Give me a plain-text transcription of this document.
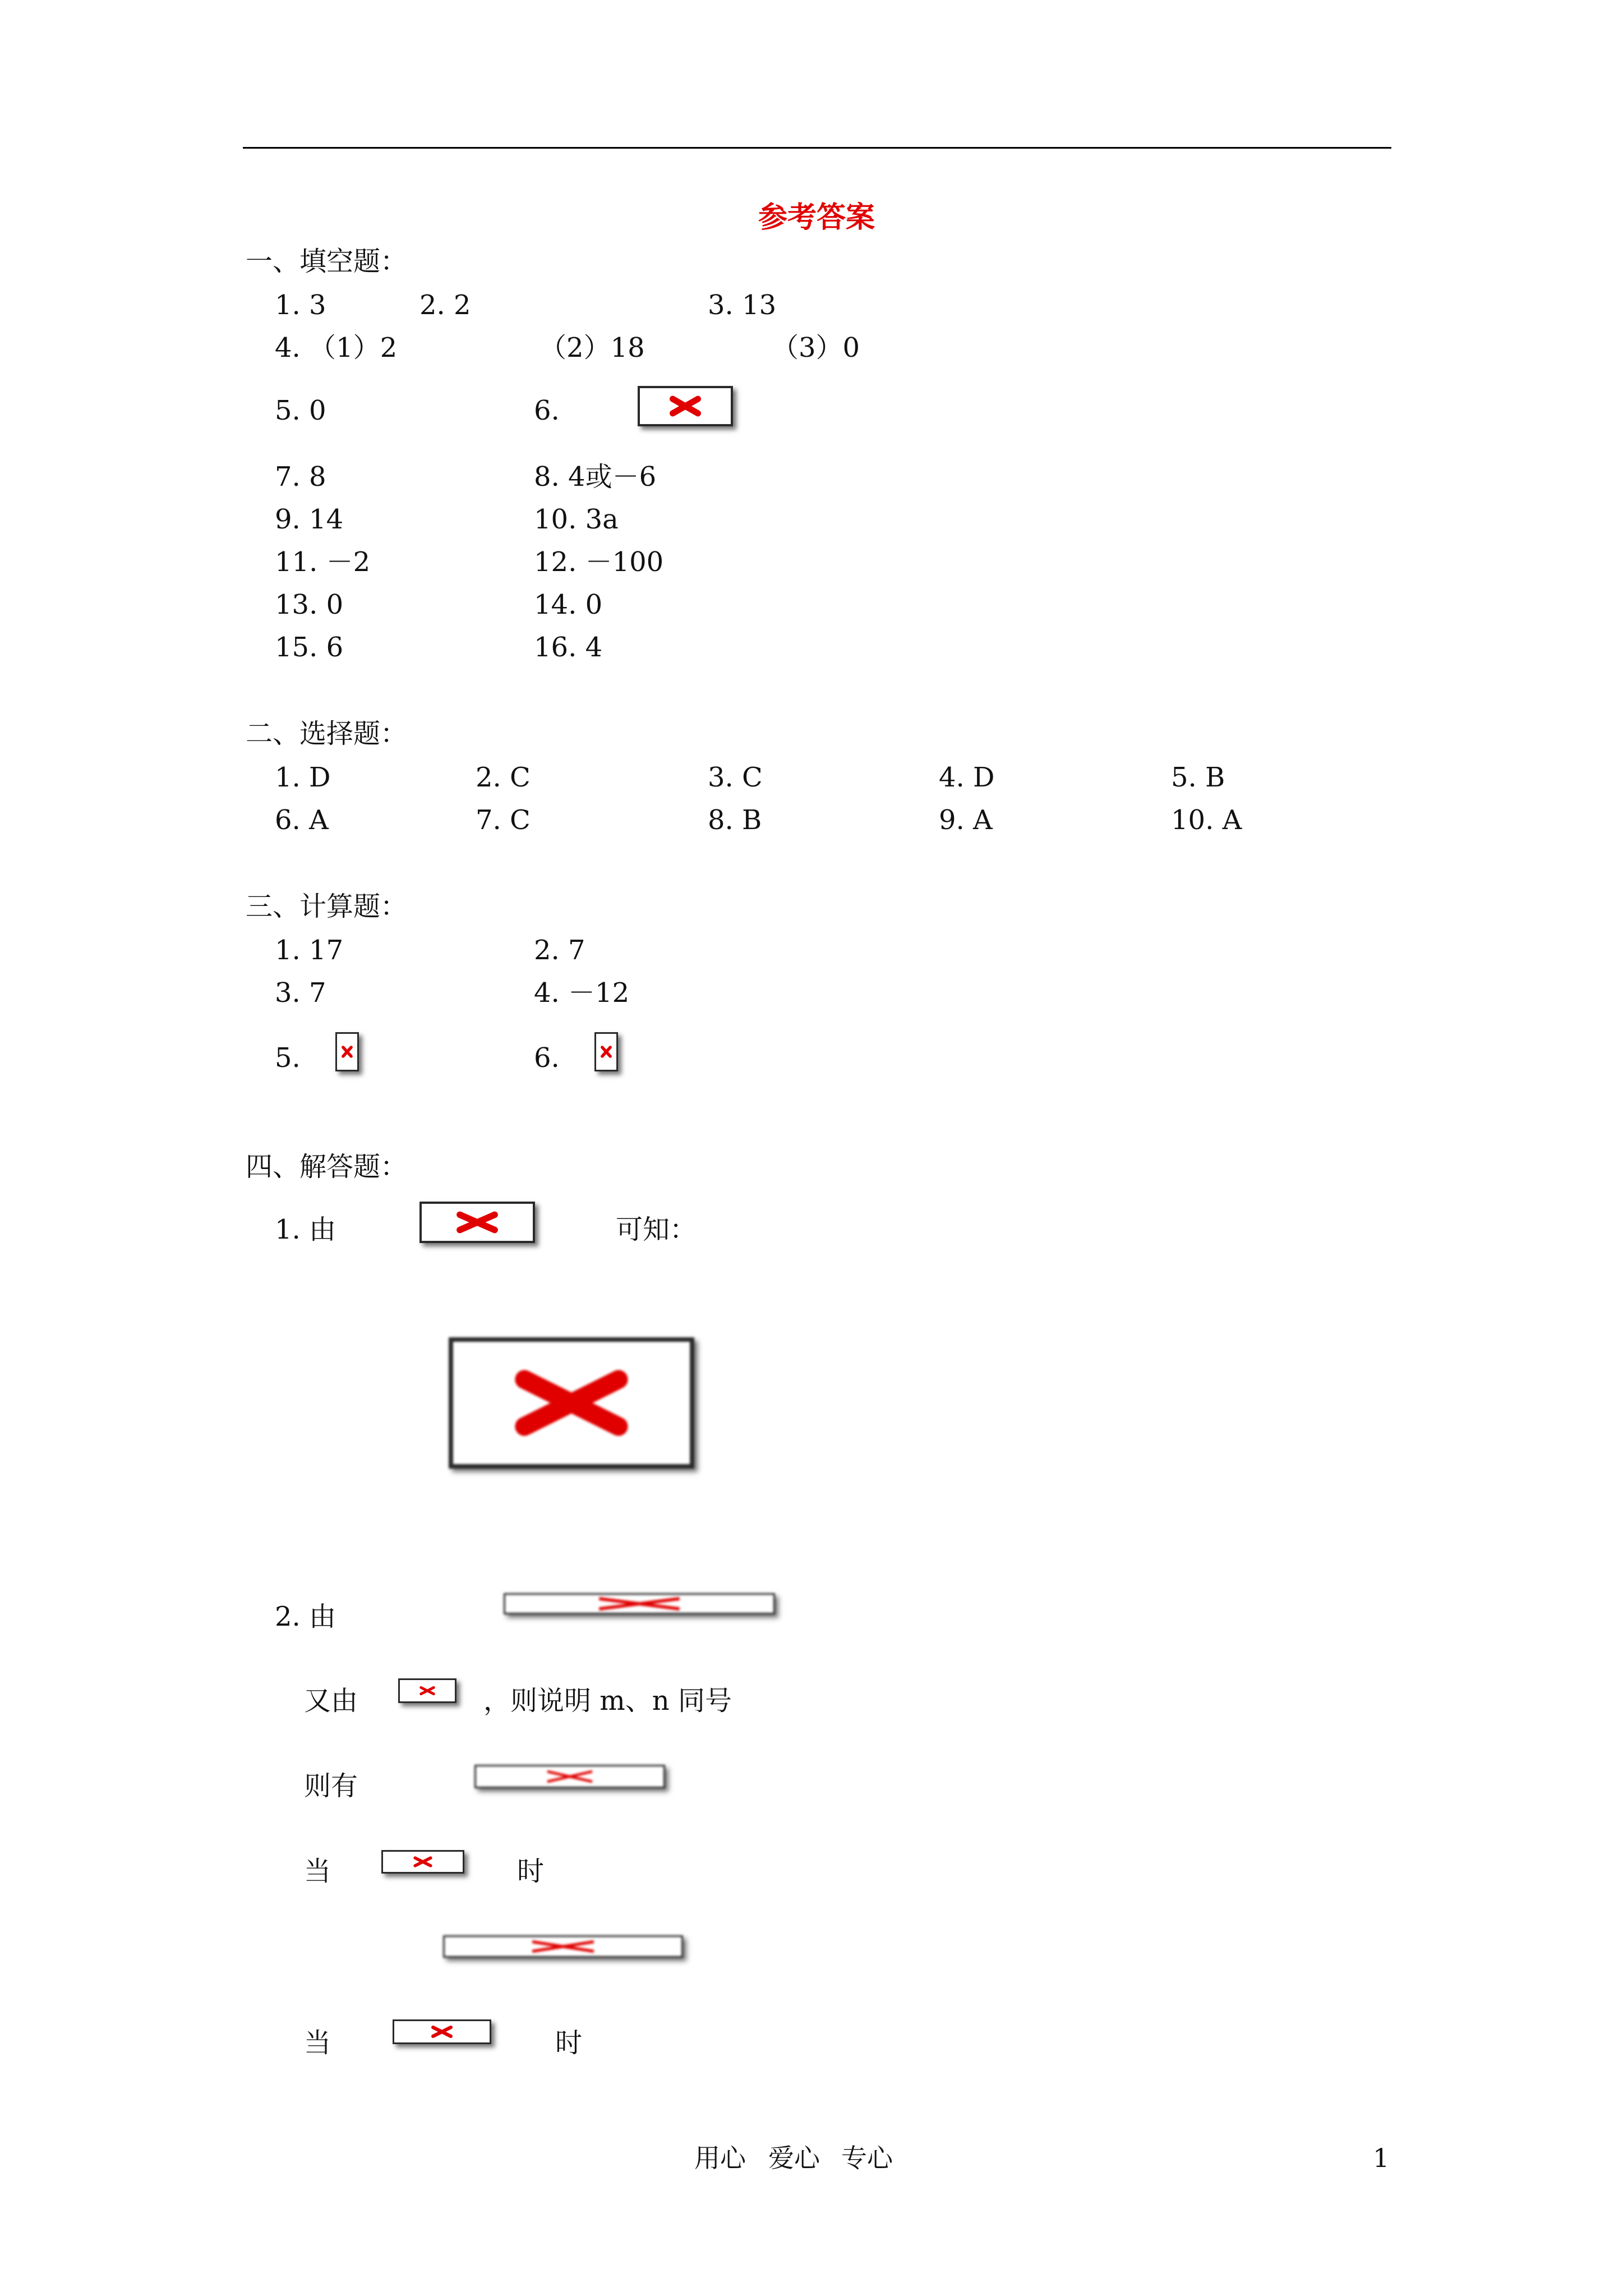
参考答案
一、填空题：
1. 3	2. 2	3. 13
4. （1）2	（2）18	（3）0
5. 0	6.
7. 8	8. 4或－6
9. 14	10. 3a
11. －2	12. －100
13. 0	14. 0
15. 6	16. 4
二、选择题：
1. D	2. C	3. C	4. D	5. B
6. A	7. C	8. B	9. A	10. A
三、计算题：
1. 17	2. 7
3. 7	4. －12
5.	6.
四、解答题：
1. 由	可知：
2. 由
又由	，则说明 m、n 同号
则有
当	时
当	时
用心 爱心 专心	1
